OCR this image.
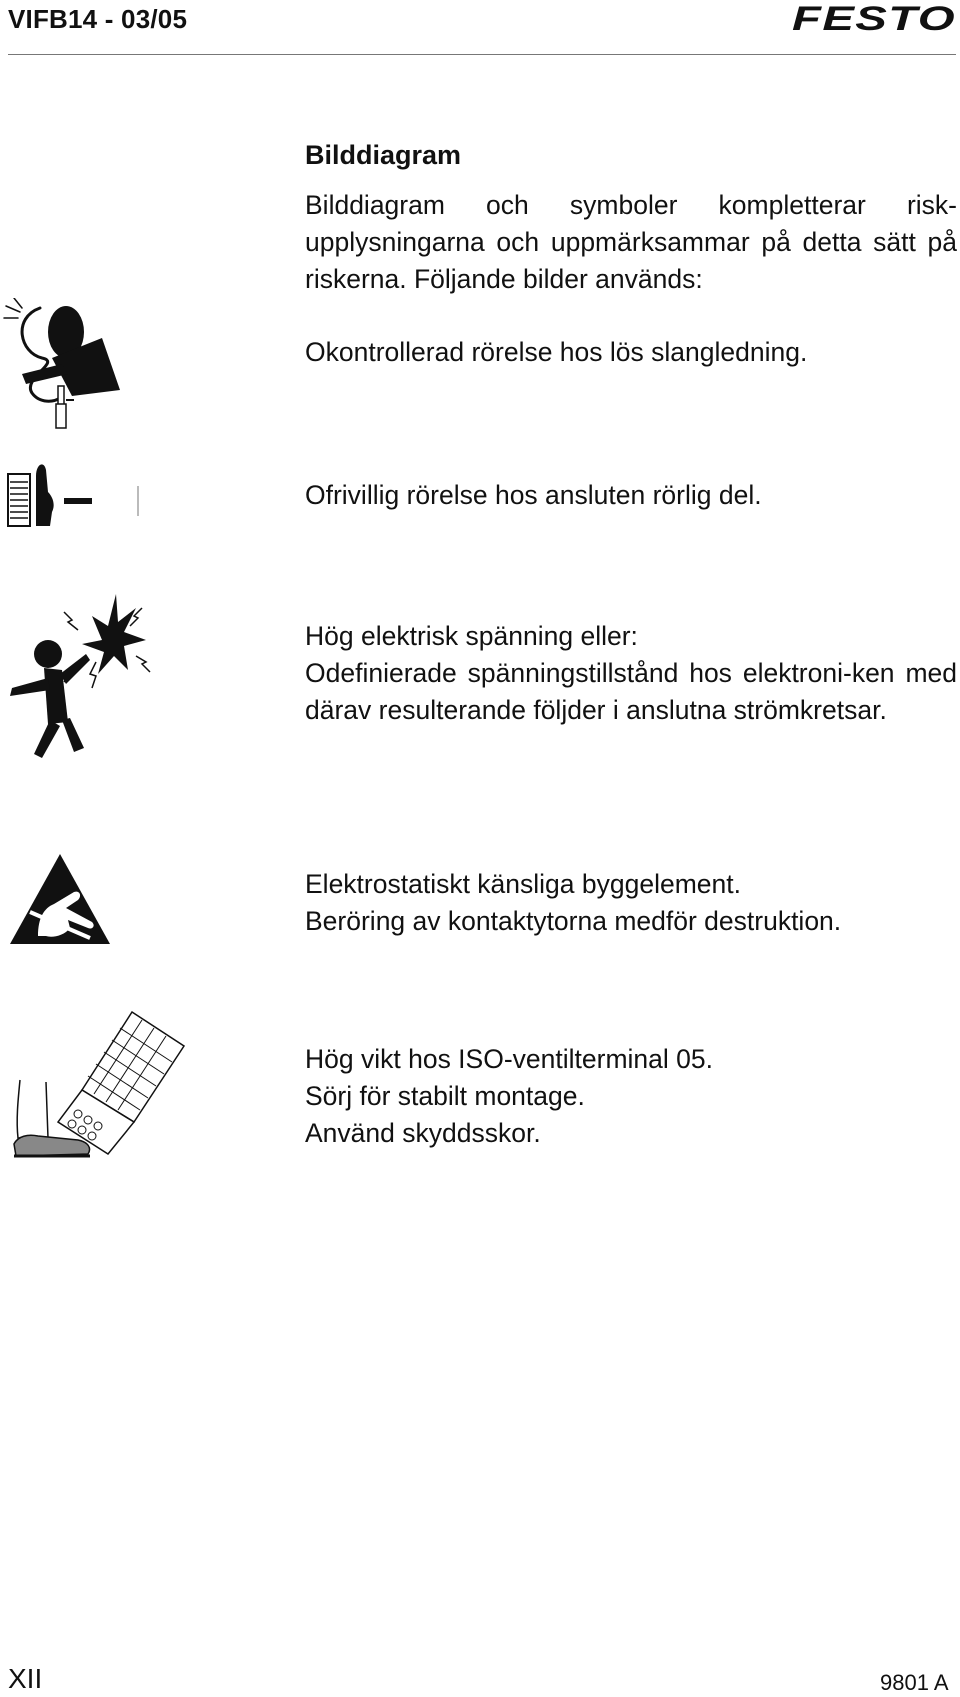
VIFB14 - 03/05	FESTO
Bilddiagram
Bilddiagram och symboler kompletterar risk-upplysningarna och uppmärksammar på detta sätt på riskerna. Följande bilder används:
Okontrollerad rörelse hos lös slangledning.
Ofrivillig rörelse hos ansluten rörlig del.
Hög elektrisk spänning eller:
Odefinierade spänningstillstånd hos elektroni-ken med därav resulterande följder i anslutna strömkretsar.
Elektrostatiskt känsliga byggelement.
Beröring av kontaktytorna medför destruktion.
Hög vikt hos ISO-ventilterminal 05.
Sörj för stabilt montage.
Använd skyddsskor.
XII	9801 A
